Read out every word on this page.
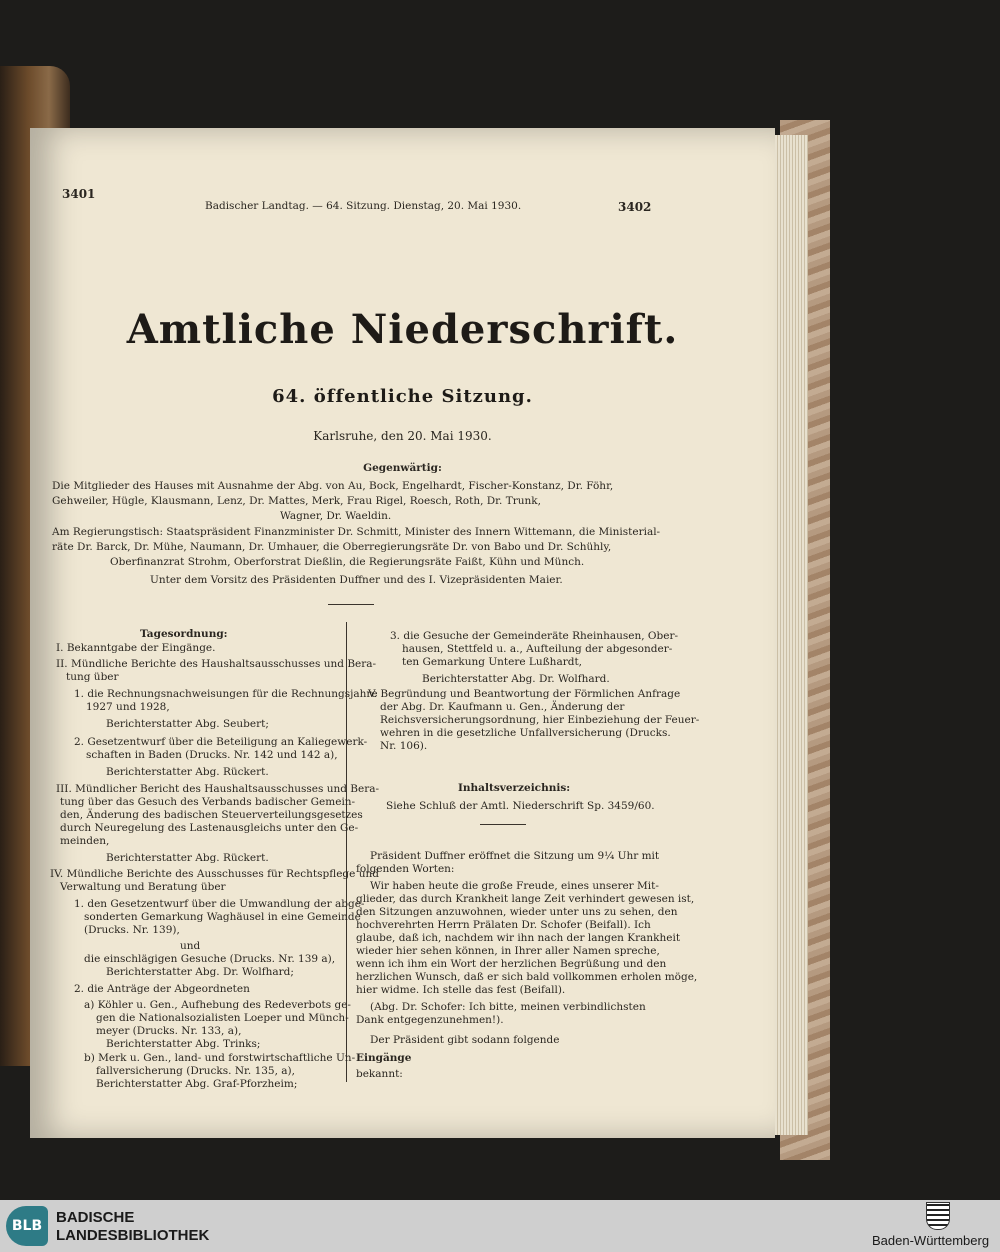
3401
Badischer Landtag. — 64. Sitzung. Dienstag, 20. Mai 1930.	3402
Amtliche Niederschrift.
64. öffentliche Sitzung.
Karlsruhe, den 20. Mai 1930.
Gegenwärtig:
Die Mitglieder des Hauses mit Ausnahme der Abg. von Au, Bock, Engelhardt, Fischer-Konstanz, Dr. Föhr,
Gehweiler, Hügle, Klausmann, Lenz, Dr. Mattes, Merk, Frau Rigel, Roesch, Roth, Dr. Trunk,
Wagner, Dr. Waeldin.
Am Regierungstisch: Staatspräsident Finanzminister Dr. Schmitt, Minister des Innern Wittemann, die Ministerial-
räte Dr. Barck, Dr. Mühe, Naumann, Dr. Umhauer, die Oberregierungsräte Dr. von Babo und Dr. Schühly,
Oberfinanzrat Strohm, Oberforstrat Dießlin, die Regierungsräte Faißt, Kühn und Münch.
Unter dem Vorsitz des Präsidenten Duffner und des I. Vizepräsidenten Maier.
Tagesordnung:
I. Bekanntgabe der Eingänge.
II. Mündliche Berichte des Haushaltsausschusses und Bera-
tung über
1. die Rechnungsnachweisungen für die Rechnungsjahre
1927 und 1928,
Berichterstatter Abg. Seubert;
2. Gesetzentwurf über die Beteiligung an Kaliegewerk-
schaften in Baden (Drucks. Nr. 142 und 142 a),
Berichterstatter Abg. Rückert.
III. Mündlicher Bericht des Haushaltsausschusses und Bera-
tung über das Gesuch des Verbands badischer Gemein-
den, Änderung des badischen Steuerverteilungsgesetzes
durch Neuregelung des Lastenausgleichs unter den Ge-
meinden,
Berichterstatter Abg. Rückert.
IV. Mündliche Berichte des Ausschusses für Rechtspflege und
Verwaltung und Beratung über
1. den Gesetzentwurf über die Umwandlung der abge-
sonderten Gemarkung Waghäusel in eine Gemeinde
(Drucks. Nr. 139),
und
die einschlägigen Gesuche (Drucks. Nr. 139 a),
Berichterstatter Abg. Dr. Wolfhard;
2. die Anträge der Abgeordneten
a) Köhler u. Gen., Aufhebung des Redeverbots ge-
gen die Nationalsozialisten Loeper und Münch-
meyer (Drucks. Nr. 133, a),
Berichterstatter Abg. Trinks;
b) Merk u. Gen., land- und forstwirtschaftliche Un-
fallversicherung (Drucks. Nr. 135, a),
Berichterstatter Abg. Graf-Pforzheim;
3. die Gesuche der Gemeinderäte Rheinhausen, Ober-
hausen, Stettfeld u. a., Aufteilung der abgesonder-
ten Gemarkung Untere Lußhardt,
Berichterstatter Abg. Dr. Wolfhard.
V. Begründung und Beantwortung der Förmlichen Anfrage
der Abg. Dr. Kaufmann u. Gen., Änderung der
Reichsversicherungsordnung, hier Einbeziehung der Feuer-
wehren in die gesetzliche Unfallversicherung (Drucks.
Nr. 106).
Inhaltsverzeichnis:
Siehe Schluß der Amtl. Niederschrift Sp. 3459/60.
Präsident Duffner eröffnet die Sitzung um 9¼ Uhr mit
folgenden Worten:
Wir haben heute die große Freude, eines unserer Mit-
glieder, das durch Krankheit lange Zeit verhindert gewesen ist,
den Sitzungen anzuwohnen, wieder unter uns zu sehen, den
hochverehrten Herrn Prälaten Dr. Schofer (Beifall). Ich
glaube, daß ich, nachdem wir ihn nach der langen Krankheit
wieder hier sehen können, in Ihrer aller Namen spreche,
wenn ich ihm ein Wort der herzlichen Begrüßung und den
herzlichen Wunsch, daß er sich bald vollkommen erholen möge,
hier widme. Ich stelle das fest (Beifall).
(Abg. Dr. Schofer: Ich bitte, meinen verbindlichsten
Dank entgegenzunehmen!).
Der Präsident gibt sodann folgende
Eingänge
bekannt:
BLB BADISCHE
LANDESBIBLIOTHEK	Baden-Württemberg
